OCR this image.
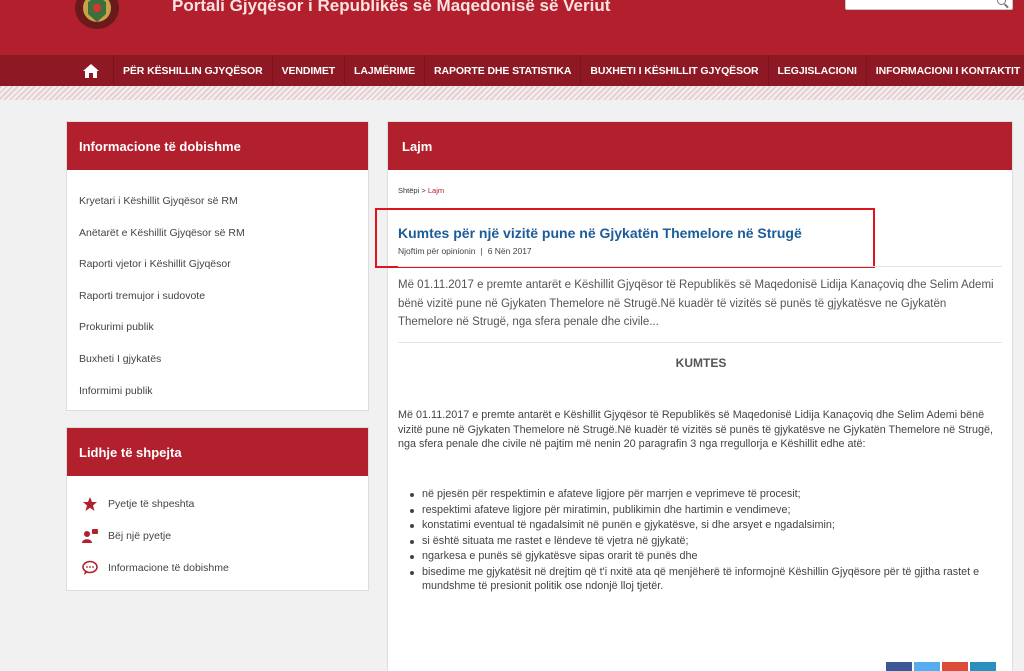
Portali Gjyqësor i Republikës së Maqedonisë së Veriut
PËR KËSHILLIN GJYQËSOR	VENDIMET	LAJMËRIME	RAPORTE DHE STATISTIKA	BUXHETI I KËSHILLIT GJYQËSOR	LEGJISLACIONI	INFORMACIONI I KONTAKTIT
Informacione të dobishme
Kryetari i Këshillit Gjyqësor së RM
Anëtarët e Këshillit Gjyqësor së RM
Raporti vjetor i Këshillit Gjyqësor
Raporti tremujor i sudovote
Prokurimi publik
Buxheti I gjykatës
Informimi publik
Lidhje të shpejta
Pyetje të shpeshta
Bëj një pyetje
Informacione të dobishme
Lajm
Shtëpi > Lajm
Kumtes për një vizitë pune në Gjykatën Themelore në Strugë
Njoftim për opinionin | 6 Nën 2017
Më 01.11.2017 e premte antarët e Këshillit Gjyqësor të Republikës së Maqedonisë Lidija Kanaçoviq dhe Selim Ademi bënë vizitë pune në Gjykaten Themelore në Strugë.Në kuadër të vizitës së punës të gjykatësve ne Gjykatën Themelore në Strugë, nga sfera penale dhe civile...
KUMTES
Më 01.11.2017 e premte antarët e Këshillit Gjyqësor të Republikës së Maqedonisë Lidija Kanaçoviq dhe Selim Ademi bënë vizitë pune në Gjykaten Themelore në Strugë.Në kuadër të vizitës së punës të gjykatësve ne Gjykatën Themelore në Strugë, nga sfera penale dhe civile në pajtim më nenin 20 paragrafin 3 nga rregullorja e Këshillit edhe atë:
në pjesën për respektimin e afateve ligjore për marrjen e veprimeve të procesit;
respektimi afateve ligjore për miratimin, publikimin dhe hartimin e vendimeve;
konstatimi eventual të ngadalsimit në punën e gjykatësve, si dhe arsyet e ngadalsimin;
si është situata me rastet e lëndeve të vjetra në gjykatë;
ngarkesa e punës së gjykatësve sipas orarit të punës dhe
bisedime me gjykatësit në drejtim që t'i nxitë ata që menjëherë të informojnë Këshillin Gjyqësore për të gjitha rastet e mundshme të presionit politik ose ndonjë lloj tjetër.
